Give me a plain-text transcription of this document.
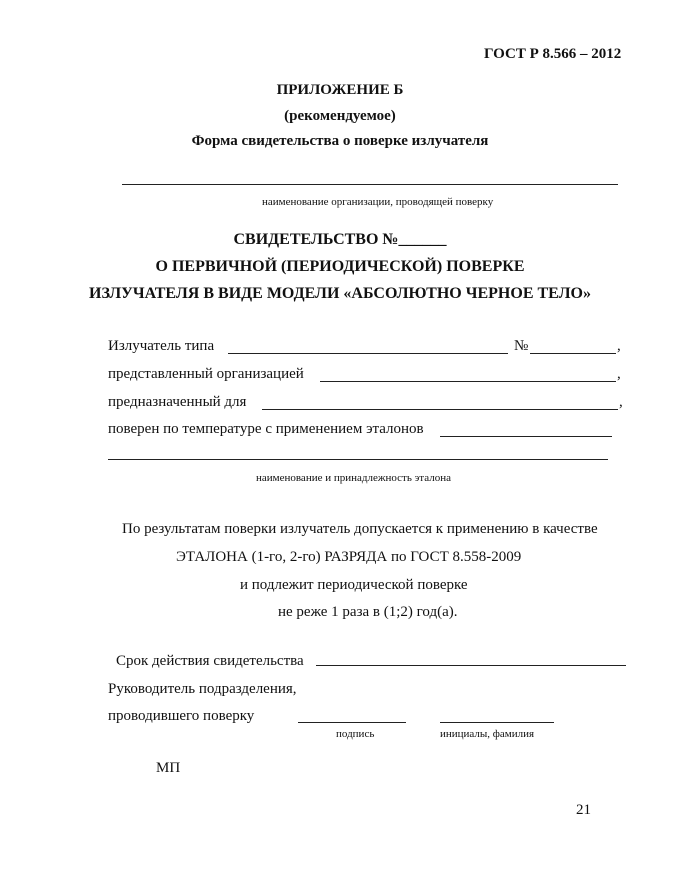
ГОСТ Р 8.566 – 2012
ПРИЛОЖЕНИЕ Б
(рекомендуемое)
Форма свидетельства о поверке излучателя
наименование организации, проводящей поверку
СВИДЕТЕЛЬСТВО №______
О ПЕРВИЧНОЙ (ПЕРИОДИЧЕСКОЙ) ПОВЕРКЕ
ИЗЛУЧАТЕЛЯ В ВИДЕ МОДЕЛИ «АБСОЛЮТНО ЧЕРНОЕ ТЕЛО»
Излучатель типа	№	,
представленный организацией	,
предназначенный для	,
поверен по температуре с применением эталонов
наименование и принадлежность эталона
По результатам поверки излучатель допускается к применению в качестве
ЭТАЛОНА (1-го, 2-го) РАЗРЯДА по ГОСТ 8.558-2009
и подлежит периодической поверке
не реже 1 раза в (1;2) год(а).
Срок действия свидетельства
Руководитель подразделения,
проводившего поверку
подпись	инициалы, фамилия
МП
21
